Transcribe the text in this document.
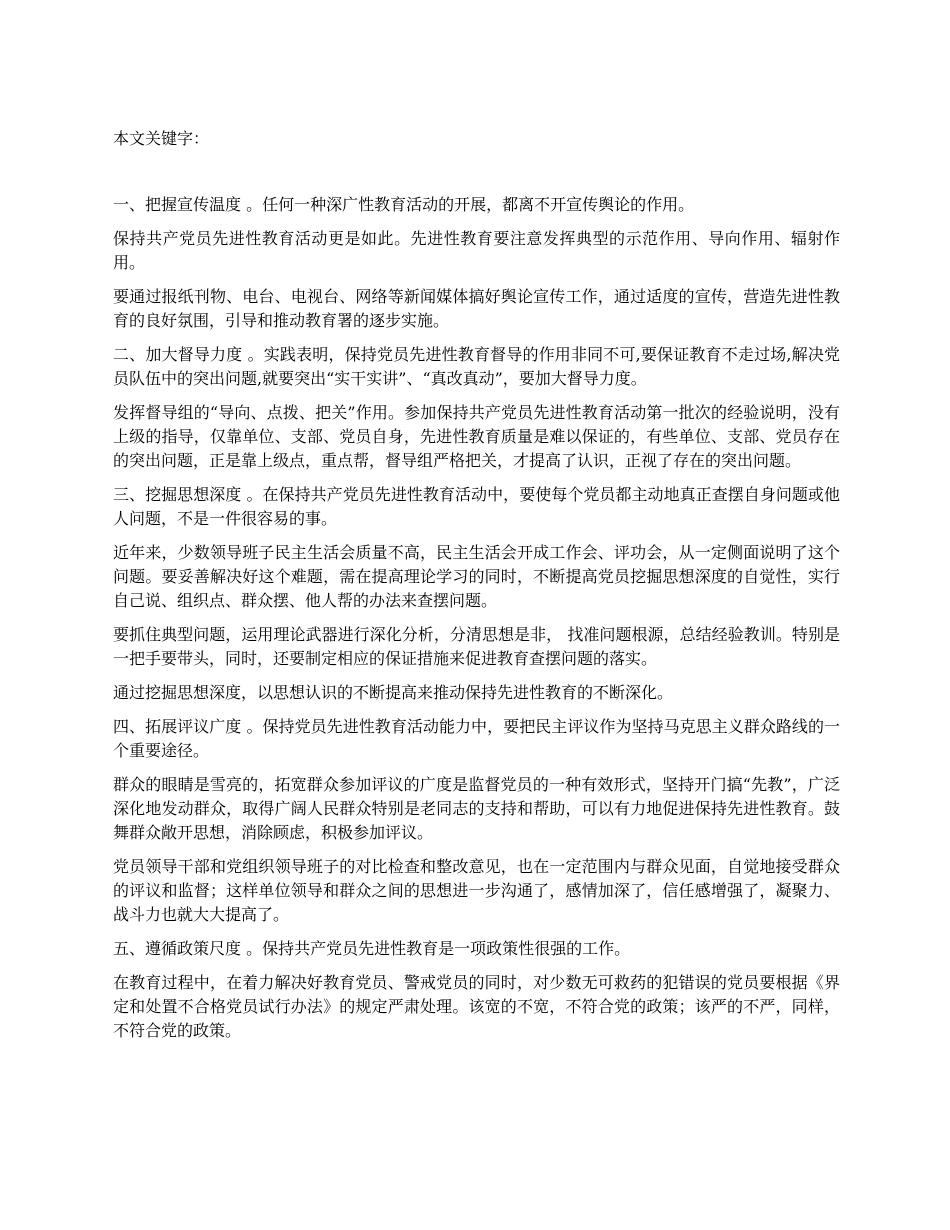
本文关键字：

一、把握宣传温度 。任何一种深广性教育活动的开展，都离不开宣传舆论的作用。

保持共产党员先进性教育活动更是如此。先进性教育要注意发挥典型的示范作用、导向作用、辐射作用。

要通过报纸刊物、电台、电视台、网络等新闻媒体搞好舆论宣传工作，通过适度的宣传，营造先进性教育的良好氛围，引导和推动教育署的逐步实施。

二、加大督导力度 。实践表明，保持党员先进性教育督导的作用非同不可,要保证教育不走过场,解决党员队伍中的突出问题,就要突出“实干实讲”、“真改真动”，要加大督导力度。

发挥督导组的“导向、点拨、把关”作用。参加保持共产党员先进性教育活动第一批次的经验说明，没有上级的指导，仅靠单位、支部、党员自身，先进性教育质量是难以保证的，有些单位、支部、党员存在的突出问题，正是靠上级点，重点帮，督导组严格把关，才提高了认识，正视了存在的突出问题。

三、挖掘思想深度 。在保持共产党员先进性教育活动中，要使每个党员都主动地真正查摆自身问题或他人问题，不是一件很容易的事。

近年来，少数领导班子民主生活会质量不高，民主生活会开成工作会、评功会，从一定侧面说明了这个问题。要妥善解决好这个难题，需在提高理论学习的同时，不断提高党员挖掘思想深度的自觉性，实行自己说、组织点、群众摆、他人帮的办法来查摆问题。

要抓住典型问题，运用理论武器进行深化分析，分清思想是非， 找准问题根源，总结经验教训。特别是一把手要带头，同时，还要制定相应的保证措施来促进教育查摆问题的落实。

通过挖掘思想深度，以思想认识的不断提高来推动保持先进性教育的不断深化。

四、拓展评议广度 。保持党员先进性教育活动能力中，要把民主评议作为坚持马克思主义群众路线的一个重要途径。

群众的眼睛是雪亮的，拓宽群众参加评议的广度是监督党员的一种有效形式，坚持开门搞“先教”，广泛深化地发动群众，取得广阔人民群众特别是老同志的支持和帮助，可以有力地促进保持先进性教育。鼓舞群众敞开思想，消除顾虑，积极参加评议。

党员领导干部和党组织领导班子的对比检查和整改意见，也在一定范围内与群众见面，自觉地接受群众的评议和监督；这样单位领导和群众之间的思想进一步沟通了，感情加深了，信任感增强了，凝聚力、战斗力也就大大提高了。

五、遵循政策尺度 。保持共产党员先进性教育是一项政策性很强的工作。

在教育过程中，在着力解决好教育党员、警戒党员的同时，对少数无可救药的犯错误的党员要根据《界定和处置不合格党员试行办法》的规定严肃处理。该宽的不宽，不符合党的政策；该严的不严，同样，不符合党的政策。
